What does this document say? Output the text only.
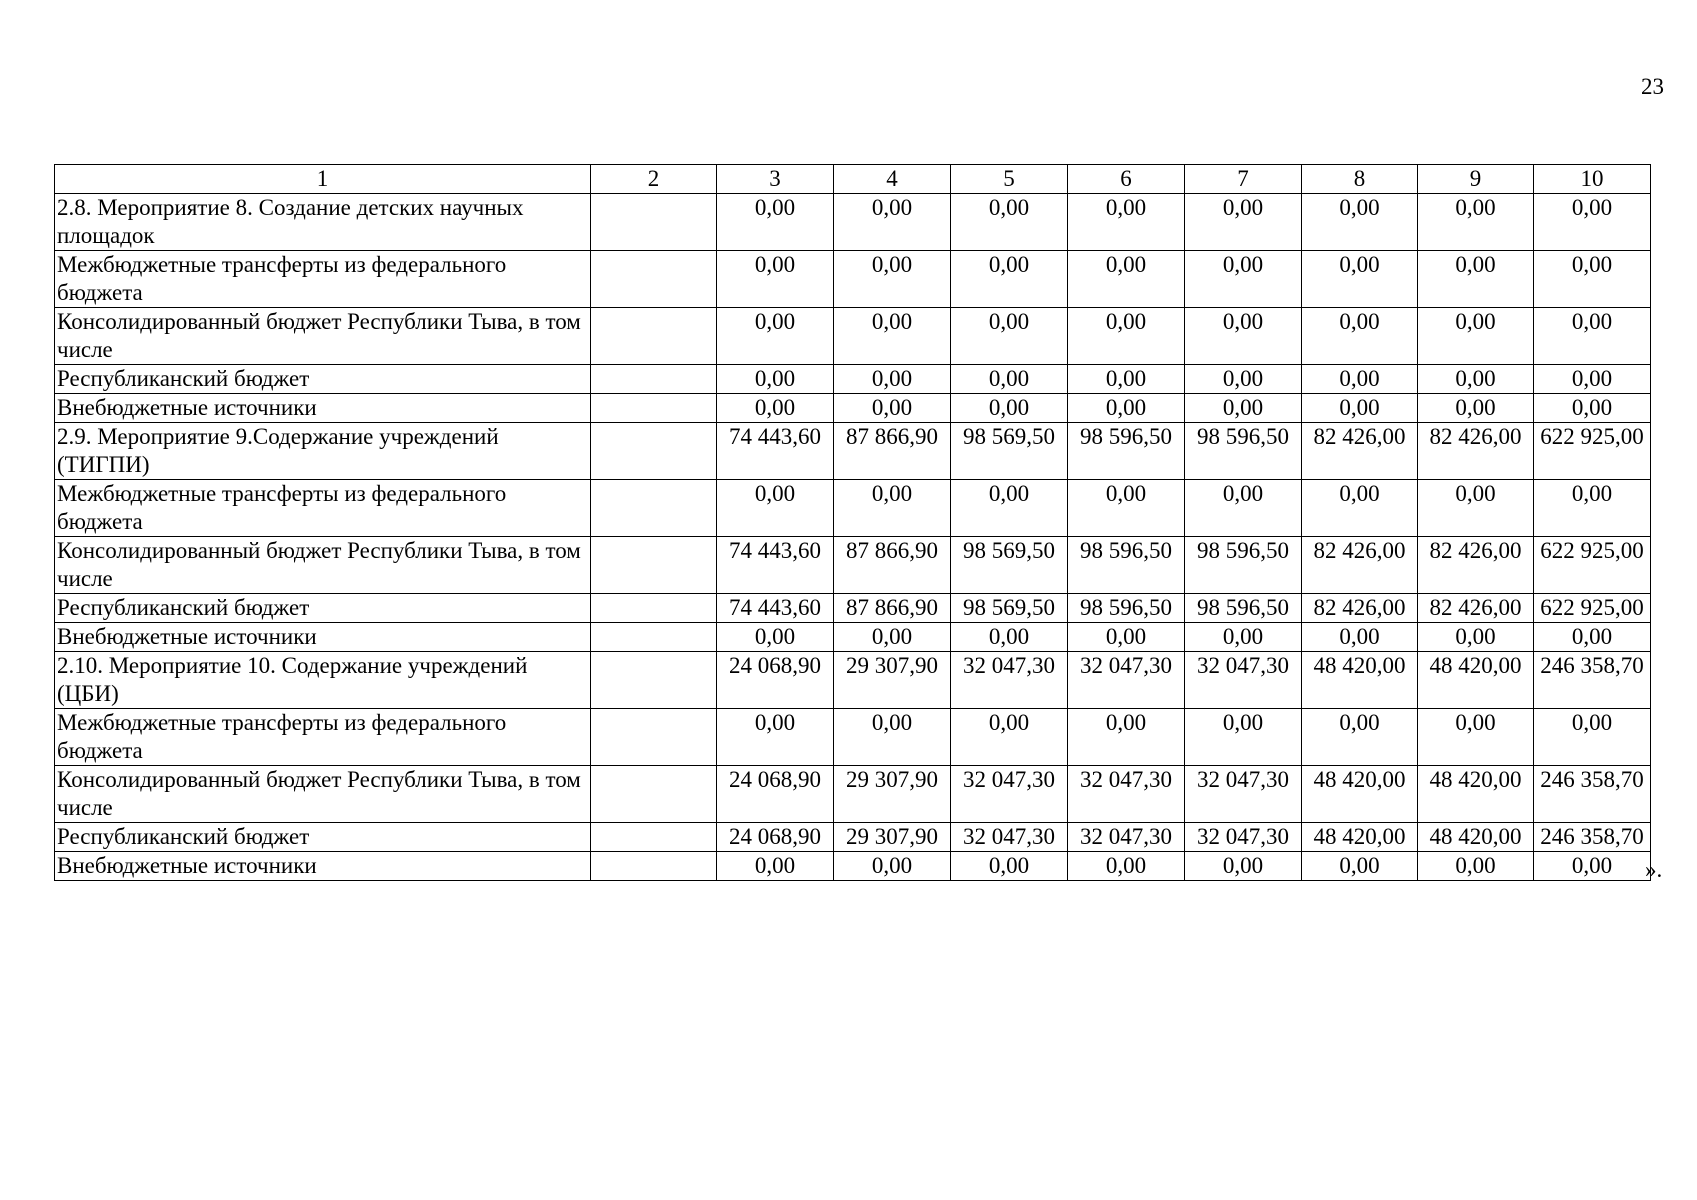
23
1	2	3	4	5	6	7	8	9	10
2.8. Мероприятие 8. Создание детских научных площадок		0,00	0,00	0,00	0,00	0,00	0,00	0,00	0,00
Межбюджетные трансферты из федерального бюджета		0,00	0,00	0,00	0,00	0,00	0,00	0,00	0,00
Консолидированный бюджет Республики Тыва, в том числе		0,00	0,00	0,00	0,00	0,00	0,00	0,00	0,00
Республиканский бюджет		0,00	0,00	0,00	0,00	0,00	0,00	0,00	0,00
Внебюджетные источники		0,00	0,00	0,00	0,00	0,00	0,00	0,00	0,00
2.9. Мероприятие 9.Содержание учреждений (ТИГПИ)		74 443,60	87 866,90	98 569,50	98 596,50	98 596,50	82 426,00	82 426,00	622 925,00
Межбюджетные трансферты из федерального бюджета		0,00	0,00	0,00	0,00	0,00	0,00	0,00	0,00
Консолидированный бюджет Республики Тыва, в том числе		74 443,60	87 866,90	98 569,50	98 596,50	98 596,50	82 426,00	82 426,00	622 925,00
Республиканский бюджет		74 443,60	87 866,90	98 569,50	98 596,50	98 596,50	82 426,00	82 426,00	622 925,00
Внебюджетные источники		0,00	0,00	0,00	0,00	0,00	0,00	0,00	0,00
2.10. Мероприятие 10. Содержание учреждений (ЦБИ)		24 068,90	29 307,90	32 047,30	32 047,30	32 047,30	48 420,00	48 420,00	246 358,70
Межбюджетные трансферты из федерального бюджета		0,00	0,00	0,00	0,00	0,00	0,00	0,00	0,00
Консолидированный бюджет Республики Тыва, в том числе		24 068,90	29 307,90	32 047,30	32 047,30	32 047,30	48 420,00	48 420,00	246 358,70
Республиканский бюджет		24 068,90	29 307,90	32 047,30	32 047,30	32 047,30	48 420,00	48 420,00	246 358,70
Внебюджетные источники		0,00	0,00	0,00	0,00	0,00	0,00	0,00	0,00 ».
